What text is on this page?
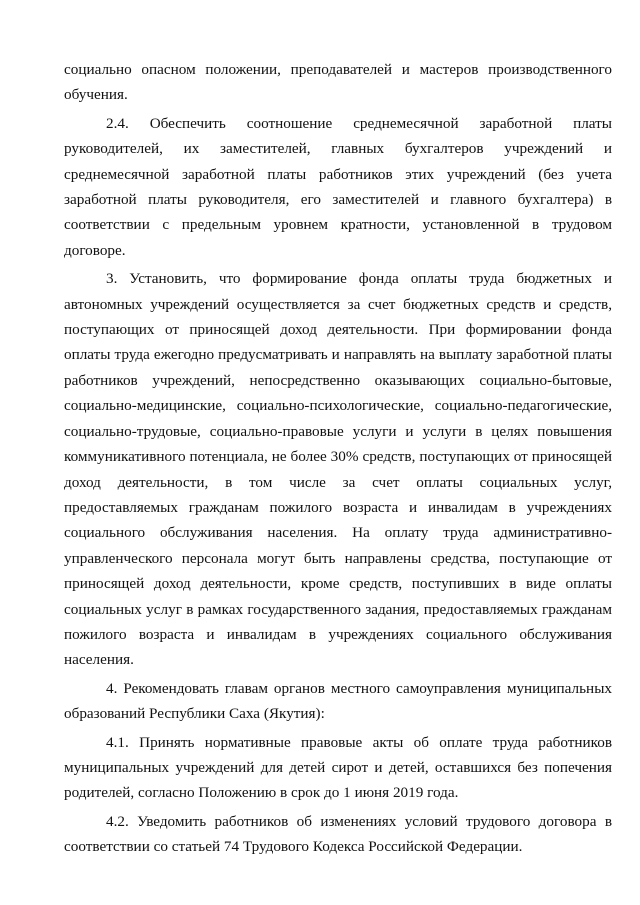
социально опасном положении, преподавателей и мастеров производственного обучения.

2.4. Обеспечить соотношение среднемесячной заработной платы руководителей, их заместителей, главных бухгалтеров учреждений и среднемесячной заработной платы работников этих учреждений (без учета заработной платы руководителя, его заместителей и главного бухгалтера) в соответствии с предельным уровнем кратности, установленной в трудовом договоре.

3. Установить, что формирование фонда оплаты труда бюджетных и автономных учреждений осуществляется за счет бюджетных средств и средств, поступающих от приносящей доход деятельности. При формировании фонда оплаты труда ежегодно предусматривать и направлять на выплату заработной платы работников учреждений, непосредственно оказывающих социально-бытовые, социально-медицинские, социально-психологические, социально-педагогические, социально-трудовые, социально-правовые услуги и услуги в целях повышения коммуникативного потенциала, не более 30% средств, поступающих от приносящей доход деятельности, в том числе за счет оплаты социальных услуг, предоставляемых гражданам пожилого возраста и инвалидам в учреждениях социального обслуживания населения. На оплату труда административно-управленческого персонала могут быть направлены средства, поступающие от приносящей доход деятельности, кроме средств, поступивших в виде оплаты социальных услуг в рамках государственного задания, предоставляемых гражданам пожилого возраста и инвалидам в учреждениях социального обслуживания населения.

4. Рекомендовать главам органов местного самоуправления муниципальных образований Республики Саха (Якутия):

4.1. Принять нормативные правовые акты об оплате труда работников муниципальных учреждений для детей сирот и детей, оставшихся без попечения родителей, согласно Положению в срок до 1 июня 2019 года.

4.2. Уведомить работников об изменениях условий трудового договора в соответствии со статьей 74 Трудового Кодекса Российской Федерации.
